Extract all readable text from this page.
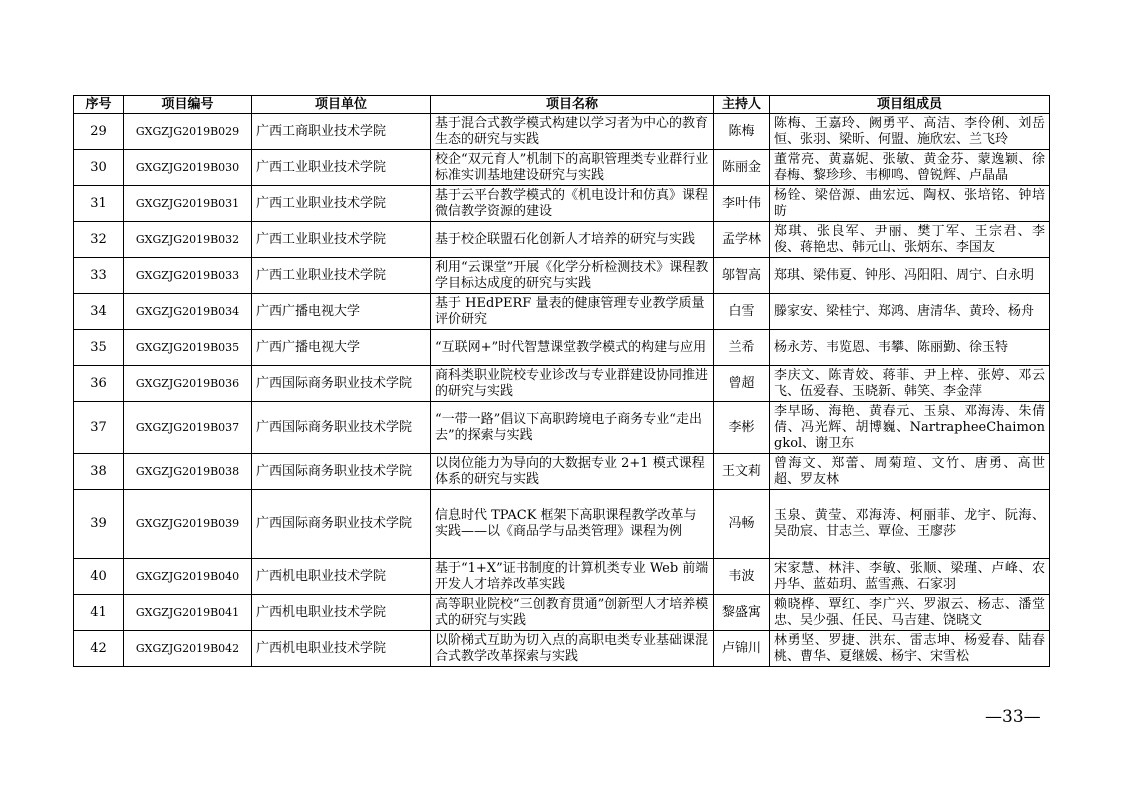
序号	项目编号	项目单位	项目名称	主持人	项目组成员
29	GXGZJG2019B029	广西工商职业技术学院	基于混合式教学模式构建以学习者为中心的教育生态的研究与实践	陈梅	陈梅、王嘉玲、阙勇平、高洁、李伶俐、刘岳恒、张羽、梁昕、何盟、施欣宏、兰飞玲
30	GXGZJG2019B030	广西工业职业技术学院	校企“双元育人”机制下的高职管理类专业群行业标准实训基地建设研究与实践	陈丽金	董常亮、黄嘉妮、张敏、黄金芬、蒙逸颖、徐春梅、黎珍珍、韦柳鸣、曾锐辉、卢晶晶
31	GXGZJG2019B031	广西工业职业技术学院	基于云平台教学模式的《机电设计和仿真》课程微信教学资源的建设	李叶伟	杨铨、梁倍源、曲宏远、陶权、张培铭、钟培昉
32	GXGZJG2019B032	广西工业职业技术学院	基于校企联盟石化创新人才培养的研究与实践	孟学林	郑琪、张良军、尹丽、樊丁军、王宗君、李俊、蒋艳忠、韩元山、张炳东、李国友
33	GXGZJG2019B033	广西工业职业技术学院	利用“云课堂”开展《化学分析检测技术》课程教学目标达成度的研究与实践	邬智高	郑琪、梁伟夏、钟彤、冯阳阳、周宁、白永明
34	GXGZJG2019B034	广西广播电视大学	基于 HEdPERF 量表的健康管理专业教学质量评价研究	白雪	滕家安、梁桂宁、郑鸿、唐清华、黄玲、杨舟
35	GXGZJG2019B035	广西广播电视大学	“互联网+”时代智慧课堂教学模式的构建与应用	兰希	杨永芳、韦览恩、韦攀、陈丽勤、徐玉特
36	GXGZJG2019B036	广西国际商务职业技术学院	商科类职业院校专业诊改与专业群建设协同推进的研究与实践	曾超	李庆文、陈青姣、蒋菲、尹上梓、张婷、邓云飞、伍爱春、玉晓新、韩笑、李金萍
37	GXGZJG2019B037	广西国际商务职业技术学院	“一带一路”倡议下高职跨境电子商务专业“走出去”的探索与实践	李彬	李早旸、海艳、黄春元、玉泉、邓海涛、朱倩倩、冯光辉、胡博巍、NartrapheeChaimongkol、谢卫东
38	GXGZJG2019B038	广西国际商务职业技术学院	以岗位能力为导向的大数据专业 2+1 模式课程体系的研究与实践	王文莉	曾海文、郑蕾、周菊瑄、文竹、唐勇、高世超、罗友林
39	GXGZJG2019B039	广西国际商务职业技术学院	信息时代 TPACK 框架下高职课程教学改革与实践——以《商品学与品类管理》课程为例	冯畅	玉泉、黄莹、邓海涛、柯丽菲、龙宇、阮海、吴劭宸、甘志兰、覃俭、王廖莎
40	GXGZJG2019B040	广西机电职业技术学院	基于“1+X”证书制度的计算机类专业 Web 前端开发人才培养改革实践	韦波	宋家慧、林沣、李敏、张顺、梁瑾、卢峰、农丹华、蓝茹玥、蓝雪燕、石家羽
41	GXGZJG2019B041	广西机电职业技术学院	高等职业院校“三创教育贯通”创新型人才培养模式的研究与实践	黎盛寓	赖晓桦、覃红、李广兴、罗淑云、杨志、潘堂忠、吴少强、任民、马吉建、饶晓文
42	GXGZJG2019B042	广西机电职业技术学院	以阶梯式互助为切入点的高职电类专业基础课混合式教学改革探索与实践	卢锦川	林勇坚、罗捷、洪东、雷志坤、杨爱春、陆春桃、曹华、夏继媛、杨宇、宋雪松
—33—
